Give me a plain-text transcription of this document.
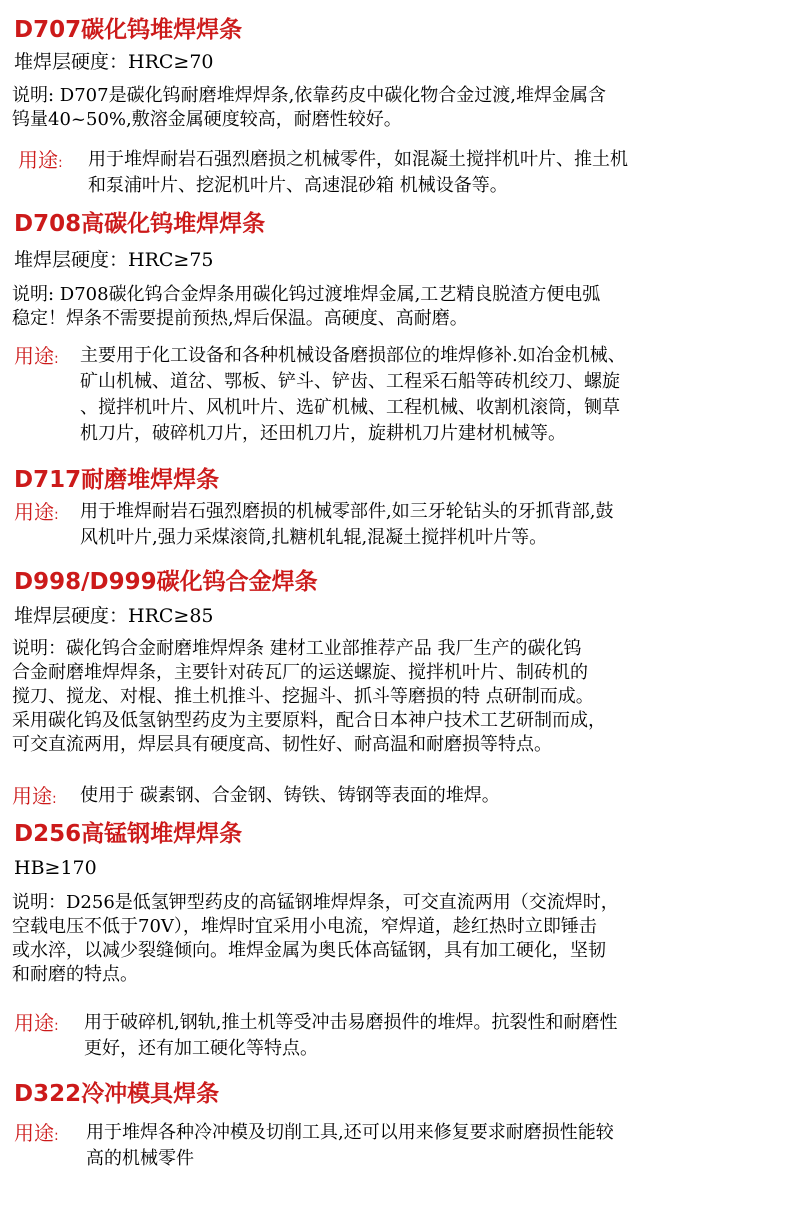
D707碳化钨堆焊焊条
堆焊层硬度：HRC≥70
说明: D707是碳化钨耐磨堆焊焊条,依靠药皮中碳化物合金过渡,堆焊金属含
钨量40~50%,敷溶金属硬度较高，耐磨性较好。
用途: 用于堆焊耐岩石强烈磨损之机械零件，如混凝土搅拌机叶片、推土机
和泵浦叶片、挖泥机叶片、高速混砂箱 机械设备等。
D708高碳化钨堆焊焊条
堆焊层硬度：HRC≥75
说明: D708碳化钨合金焊条用碳化钨过渡堆焊金属,工艺精良脱渣方便电弧
稳定！焊条不需要提前预热,焊后保温。高硬度、高耐磨。
用途: 主要用于化工设备和各种机械设备磨损部位的堆焊修补.如冶金机械、
矿山机械、道岔、鄂板、铲斗、铲齿、工程采石船等砖机绞刀、螺旋
、搅拌机叶片、风机叶片、选矿机械、工程机械、收割机滚筒，铡草
机刀片，破碎机刀片，还田机刀片，旋耕机刀片建材机械等。
D717耐磨堆焊焊条
用途: 用于堆焊耐岩石强烈磨损的机械零部件,如三牙轮钻头的牙抓背部,鼓
风机叶片,强力采煤滚筒,扎糖机轧辊,混凝土搅拌机叶片等。
D998/D999碳化钨合金焊条
堆焊层硬度：HRC≥85
说明：碳化钨合金耐磨堆焊焊条 建材工业部推荐产品 我厂生产的碳化钨
合金耐磨堆焊焊条，主要针对砖瓦厂的运送螺旋、搅拌机叶片、制砖机的
搅刀、搅龙、对棍、推土机推斗、挖掘斗、抓斗等磨损的特 点研制而成。
采用碳化钨及低氢钠型药皮为主要原料，配合日本神户技术工艺研制而成，
可交直流两用，焊层具有硬度高、韧性好、耐高温和耐磨损等特点。
用途: 使用于 碳素钢、合金钢、铸铁、铸钢等表面的堆焊。
D256高锰钢堆焊焊条
HB≥170
说明：D256是低氢钾型药皮的高锰钢堆焊焊条，可交直流两用（交流焊时，
空载电压不低于70V），堆焊时宜采用小电流，窄焊道，趁红热时立即锤击
或水淬，以减少裂缝倾向。堆焊金属为奥氏体高锰钢，具有加工硬化，坚韧
和耐磨的特点。
用途: 用于破碎机,钢轨,推土机等受冲击易磨损件的堆焊。抗裂性和耐磨性
更好，还有加工硬化等特点。
D322冷冲模具焊条
用途: 用于堆焊各种冷冲模及切削工具,还可以用来修复要求耐磨损性能较
高的机械零件
